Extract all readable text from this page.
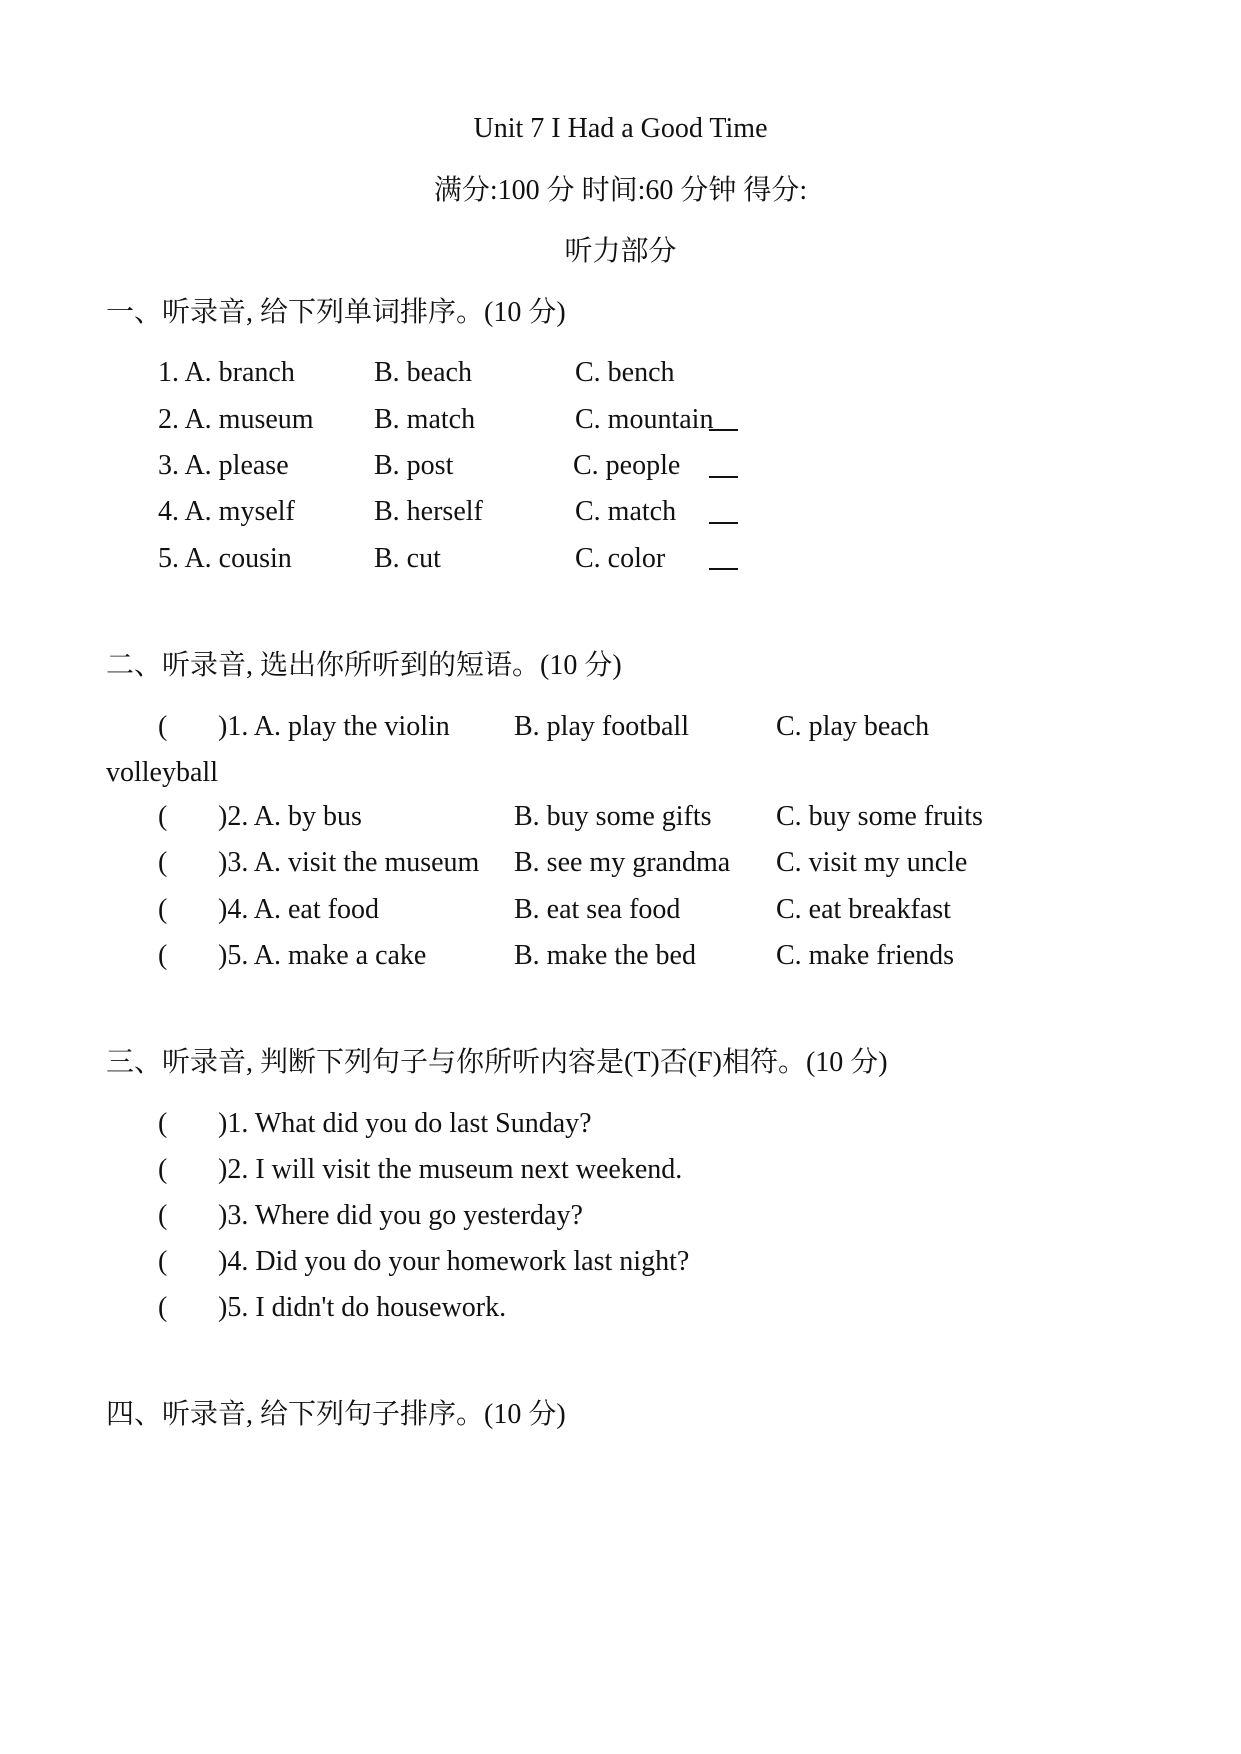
Unit 7 I Had a Good Time
满分:100 分 时间:60 分钟 得分:
听力部分
一、听录音, 给下列单词排序。(10 分)
1. A. branch	B. beach	C. bench
2. A. museum B. match	C. mountain
3. A. please	B. post	C. people
4. A. myself	B. herself	C. match
5. A. cousin	B. cut	C. color
二、听录音, 选出你所听到的短语。(10 分)
( )1. A. play the violin B. play football	C. play beach
volleyball
( )2. A. by bus	B. buy some gifts C. buy some fruits
( )3. A. visit the museum B. see my grandma C. visit my uncle
( )4. A. eat food	B. eat sea food	C. eat breakfast
( )5. A. make a cake	B. make the bed	C. make friends
三、听录音, 判断下列句子与你所听内容是(T)否(F)相符。(10 分)
( )1. What did you do last Sunday?
( )2. I will visit the museum next weekend.
( )3. Where did you go yesterday?
( )4. Did you do your homework last night?
( )5. I didn't do housework.
四、听录音, 给下列句子排序。(10 分)
